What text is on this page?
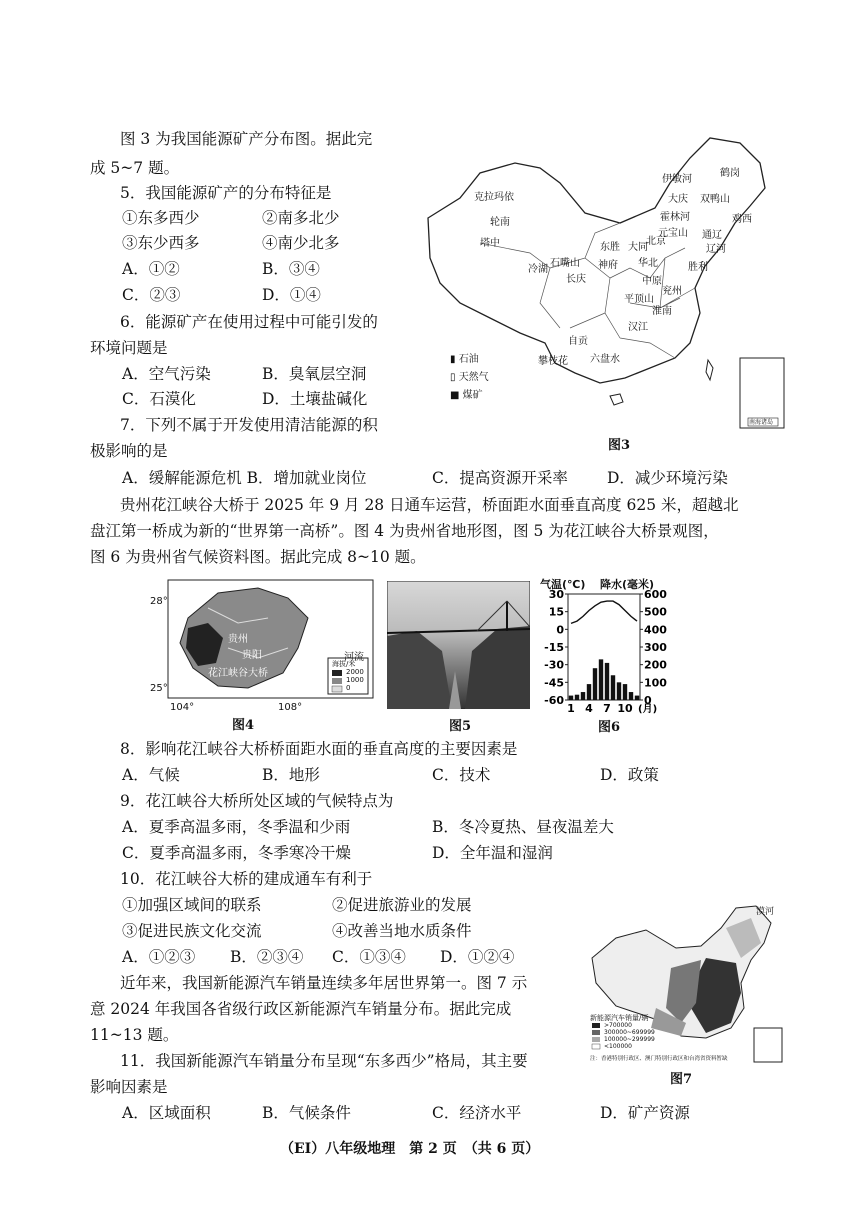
图 3 为我国能源矿产分布图。据此完
成 5~7 题。
5．我国能源矿产的分布特征是
①东多西少	②南多北少
③东少西多	④南少北多
A．①②	B．③④
C．②③	D．①④
6．能源矿产在使用过程中可能引发的
环境问题是
A．空气污染	B．臭氧层空洞
C．石漠化	D．土壤盐碱化
7．下列不属于开发使用清洁能源的积
极影响的是
A．缓解能源危机 B．增加就业岗位	C．提高资源开采率	D．减少环境污染
克拉玛依
轮南
塔中
冷湖
伊敏河
鹤岗
大庆 双鸭山
霍林河	鸡西
元宝山 通辽
东胜 大同
北京
辽河
石嘴山 神府 华北	胜利
长庆
平顶山
兖州
淮南
自贡
攀枝花 六盘水
汉江
中原
▮ 石油
▯ 天然气
■ 煤矿
南海诸岛
图3
贵州花江峡谷大桥于 2025 年 9 月 28 日通车运营，桥面距水面垂直高度 625 米，超越北
盘江第一桥成为新的“世界第一高桥”。图 4 为贵州省地形图，图 5 为花江峡谷大桥景观图，
图 6 为贵州省气候资料图。据此完成 8~10 题。
28°
25°
104°	108°
贵州
贵阳
花江峡谷大桥
河流
海拔/米
2000
1000
0
图4	图5
气温(℃) 降水(毫米)
30
15
0
-15
-30
-45
-60
600
500
400
300
200
100
0
1 4 7 10 (月)
图6
8．影响花江峡谷大桥桥面距水面的垂直高度的主要因素是
A．气候	B．地形	C．技术	D．政策
9．花江峡谷大桥所处区域的气候特点为
A．夏季高温多雨，冬季温和少雨	B．冬冷夏热、昼夜温差大
C．夏季高温多雨，冬季寒冷干燥	D．全年温和湿润
10．花江峡谷大桥的建成通车有利于
①加强区域间的联系	②促进旅游业的发展
③促进民族文化交流	④改善当地水质条件
A．①②③ B．②③④ C．①③④ D．①②④
近年来，我国新能源汽车销量连续多年居世界第一。图 7 示
意 2024 年我国各省级行政区新能源汽车销量分布。据此完成
11~13 题。
11．我国新能源汽车销量分布呈现“东多西少”格局，其主要
影响因素是
A．区域面积	B．气候条件	C．经济水平	D．矿产资源
漠河
新能源汽车销量/辆
>700000
300000~699999
100000~299999
<100000
注：香港特别行政区、澳门特别行政区和台湾省资料暂缺
图7
（EI）八年级地理　第 2 页　（共 6 页）
